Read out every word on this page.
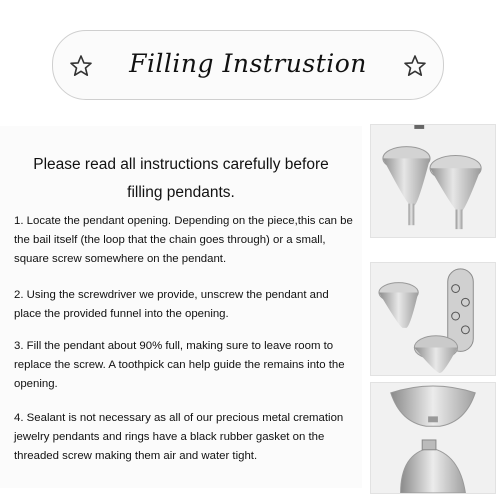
Filling Instrustion
Please read all instructions carefully before
filling pendants.
1. Locate the pendant opening. Depending on the piece,this can be the bail itself (the loop that the chain goes through) or a small, square screw somewhere on the pendant.
2. Using the screwdriver we provide, unscrew the pendant and place the provided funnel into the opening.
3. Fill the pendant about 90% full, making sure to leave room to replace the screw. A toothpick can help guide the remains into the opening.
4. Sealant is not necessary as all of our precious metal cremation jewelry pendants and rings have a black rubber gasket on the threaded screw making them air and water tight.
